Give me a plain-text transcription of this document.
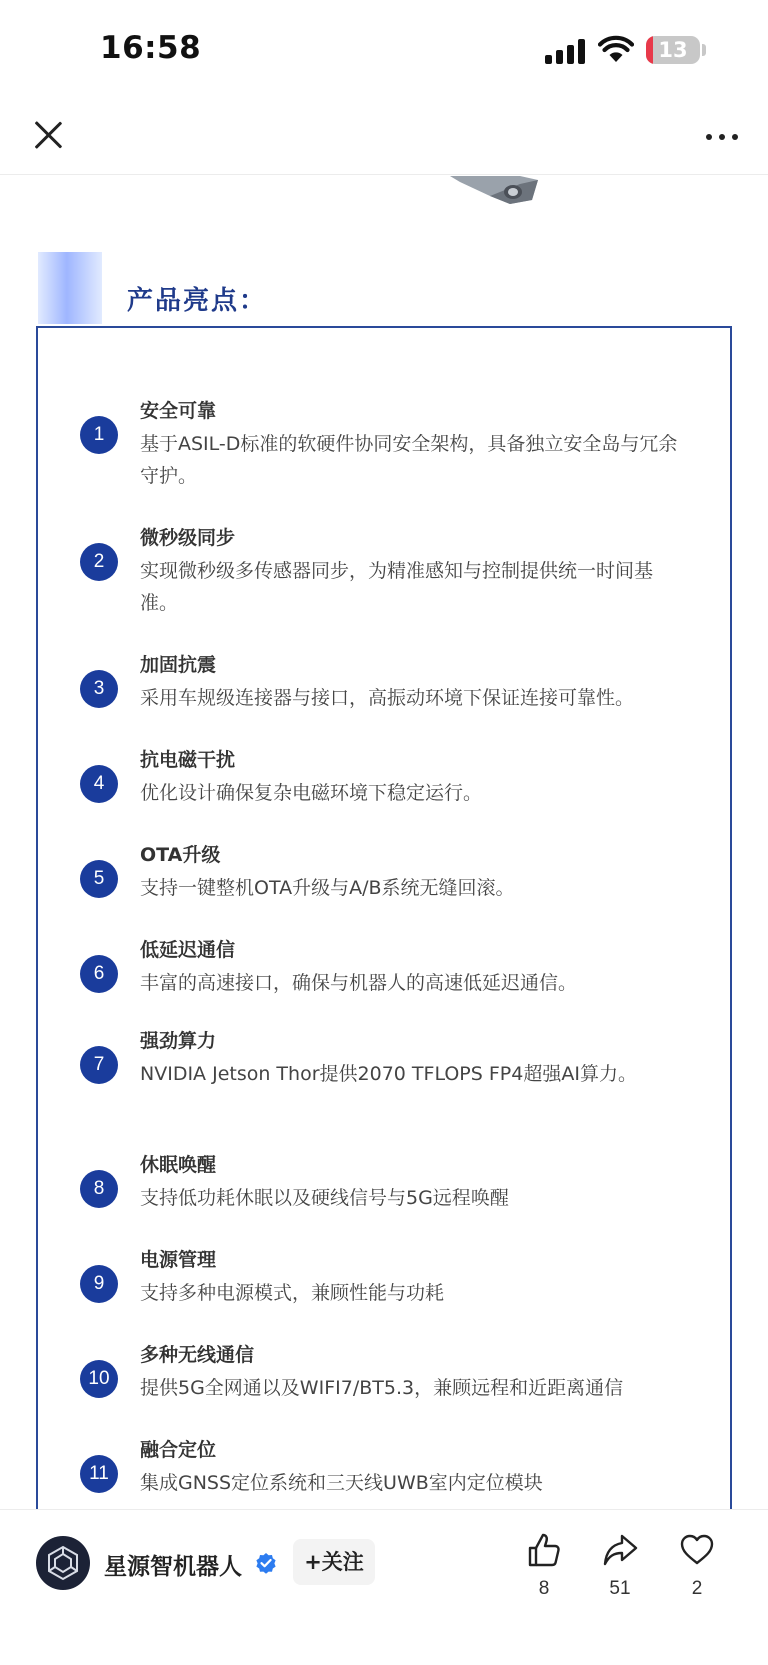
16:58	13
产品亮点：
1
安全可靠
基于ASIL-D标准的软硬件协同安全架构，具备独立安全岛与冗余守护。
2
微秒级同步
实现微秒级多传感器同步，为精准感知与控制提供统一时间基准。
3
加固抗震
采用车规级连接器与接口，高振动环境下保证连接可靠性。
4
抗电磁干扰
优化设计确保复杂电磁环境下稳定运行。
5
OTA升级
支持一键整机OTA升级与A/B系统无缝回滚。
6
低延迟通信
丰富的高速接口，确保与机器人的高速低延迟通信。
7
强劲算力
NVIDIA Jetson Thor提供2070 TFLOPS FP4超强AI算力。
8
休眠唤醒
支持低功耗休眠以及硬线信号与5G远程唤醒
9
电源管理
支持多种电源模式，兼顾性能与功耗
10
多种无线通信
提供5G全网通以及WIFI7/BT5.3，兼顾远程和近距离通信
11
融合定位
集成GNSS定位系统和三天线UWB室内定位模块
星源智机器人	+关注
8	51	2
